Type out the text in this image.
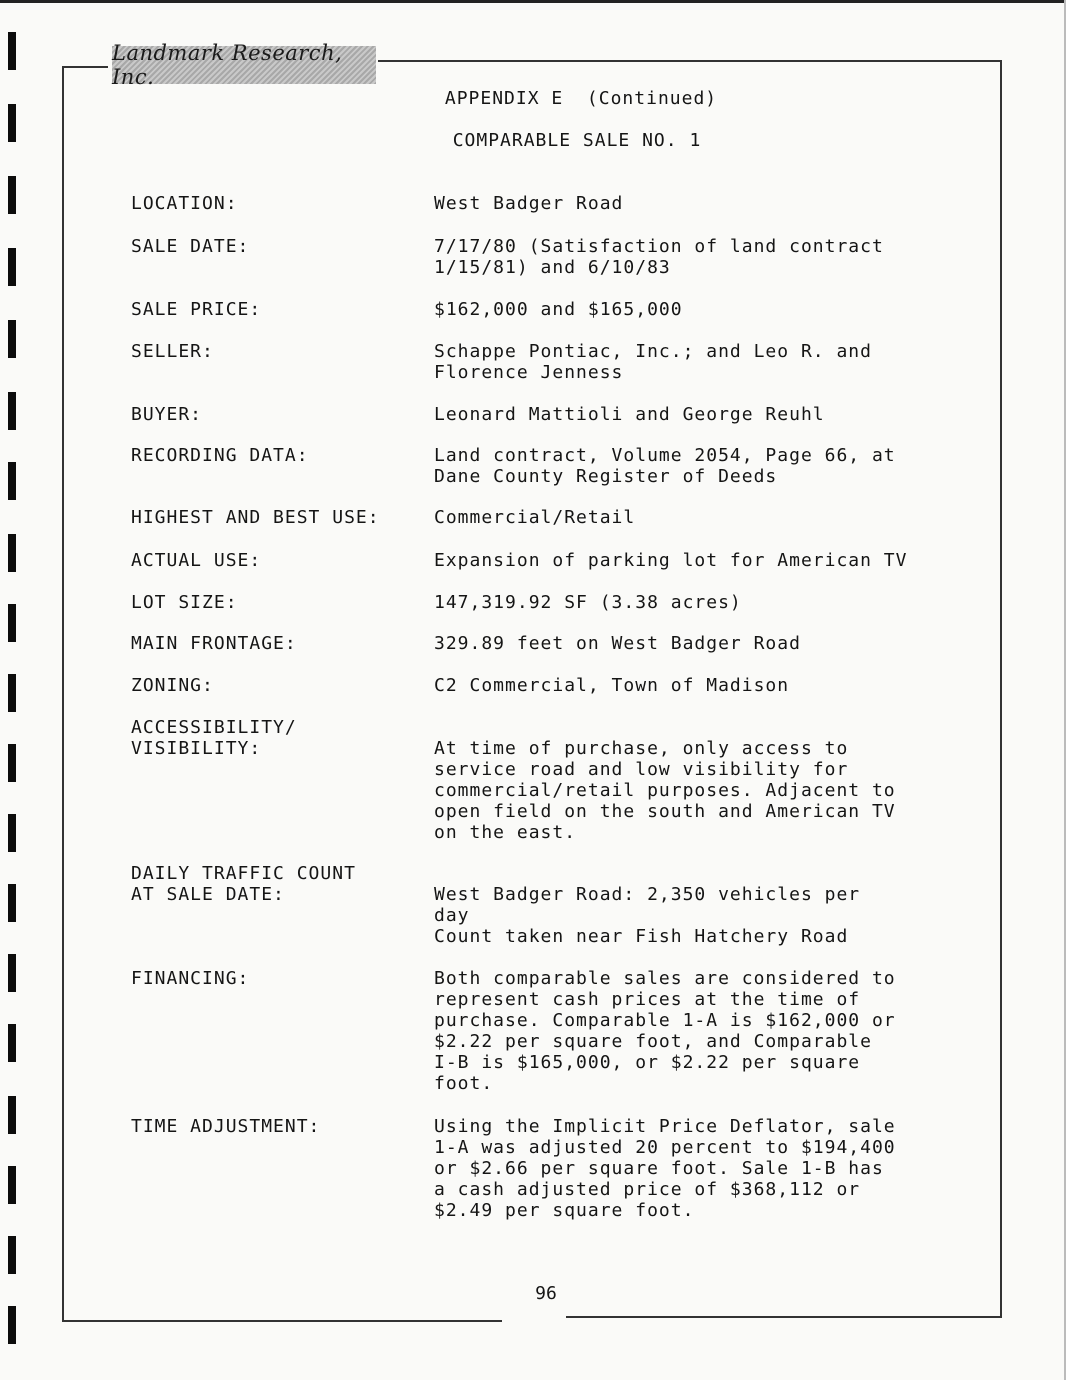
Landmark Research, Inc.
APPENDIX E  (Continued)
COMPARABLE SALE NO. 1
LOCATION:	West Badger Road
SALE DATE:	7/17/80 (Satisfaction of land contract
1/15/81) and 6/10/83
SALE PRICE:	$162,000 and $165,000
SELLER:	Schappe Pontiac, Inc.; and Leo R. and
Florence Jenness
BUYER:	Leonard Mattioli and George Reuhl
RECORDING DATA:	Land contract, Volume 2054, Page 66, at
Dane County Register of Deeds
HIGHEST AND BEST USE:	Commercial/Retail
ACTUAL USE:	Expansion of parking lot for American TV
LOT SIZE:	147,319.92 SF (3.38 acres)
MAIN FRONTAGE:	329.89 feet on West Badger Road
ZONING:	C2 Commercial, Town of Madison
ACCESSIBILITY/
VISIBILITY:	At time of purchase, only access to
service road and low visibility for
commercial/retail purposes. Adjacent to
open field on the south and American TV
on the east.
DAILY TRAFFIC COUNT
AT SALE DATE:	West Badger Road: 2,350 vehicles per
day
Count taken near Fish Hatchery Road
FINANCING:	Both comparable sales are considered to
represent cash prices at the time of
purchase. Comparable 1-A is $162,000 or
$2.22 per square foot, and Comparable
I-B is $165,000, or $2.22 per square
foot.
TIME ADJUSTMENT:	Using the Implicit Price Deflator, sale
1-A was adjusted 20 percent to $194,400
or $2.66 per square foot. Sale 1-B has
a cash adjusted price of $368,112 or
$2.49 per square foot.
96
